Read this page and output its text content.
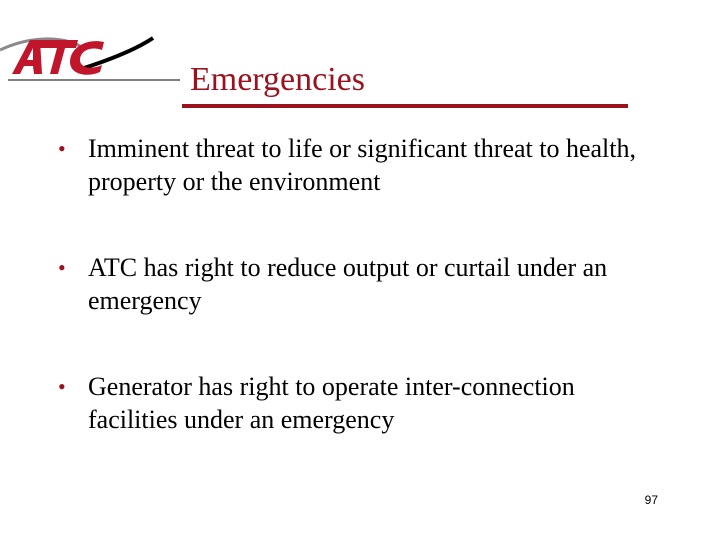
Emergencies
• Imminent threat to life or significant threat to health, property or the environment
• ATC has right to reduce output or curtail under an emergency
• Generator has right to operate inter-connection facilities under an emergency
97
